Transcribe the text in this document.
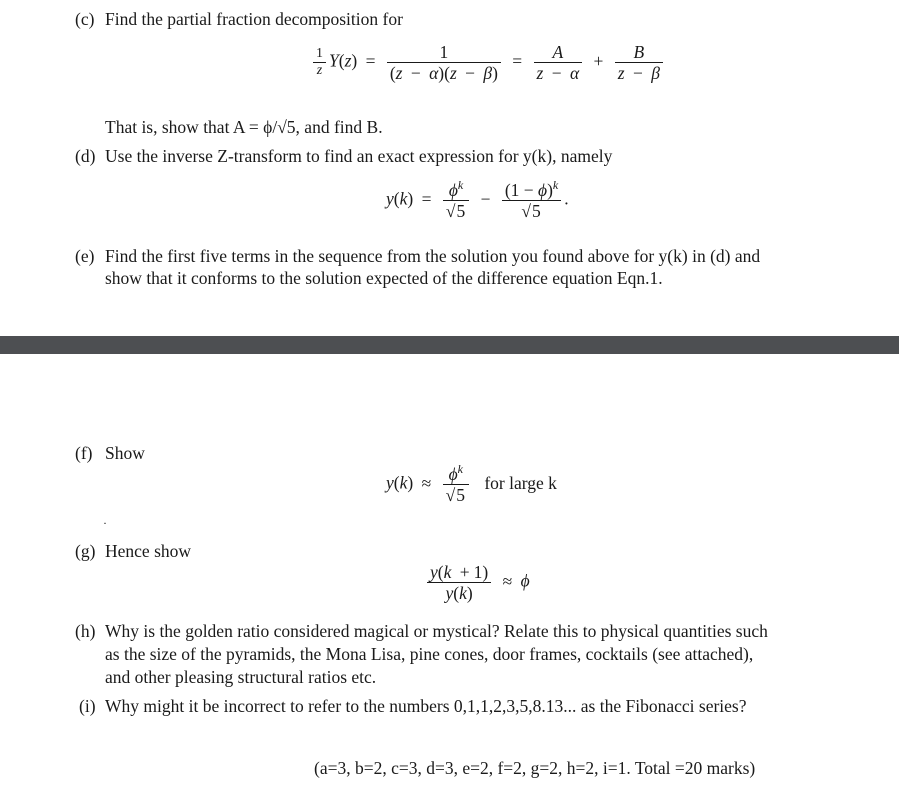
(c) Find the partial fraction decomposition for
$\frac{1}{z} Y(z) = \frac{1}{(z - \alpha)(z - \beta)} = \frac{A}{z - \alpha} + \frac{B}{z - \beta}$
That is, show that A = ϕ/√5, and find B.
(d) Use the inverse Z-transform to find an exact expression for y(k), namely
$y(k) = \frac{\phi^k}{√5} - \frac{(1 - \phi)^k}{√5}$ .
(e) Find the first five terms in the sequence from the solution you found above for y(k) in (d) and
show that it conforms to the solution expected of the difference equation Eqn.1.
(f) Show
$y(k) \approx \frac{\phi^k}{√5}$ for large k
·
(g) Hence show
$\frac{y(k + 1)}{y(k)} \approx \phi$
(h) Why is the golden ratio considered magical or mystical? Relate this to physical quantities such
as the size of the pyramids, the Mona Lisa, pine cones, door frames, cocktails (see attached),
and other pleasing structural ratios etc.
(i) Why might it be incorrect to refer to the numbers 0,1,1,2,3,5,8.13... as the Fibonacci series?
(a=3, b=2, c=3, d=3, e=2, f=2, g=2, h=2, i=1. Total =20 marks)
